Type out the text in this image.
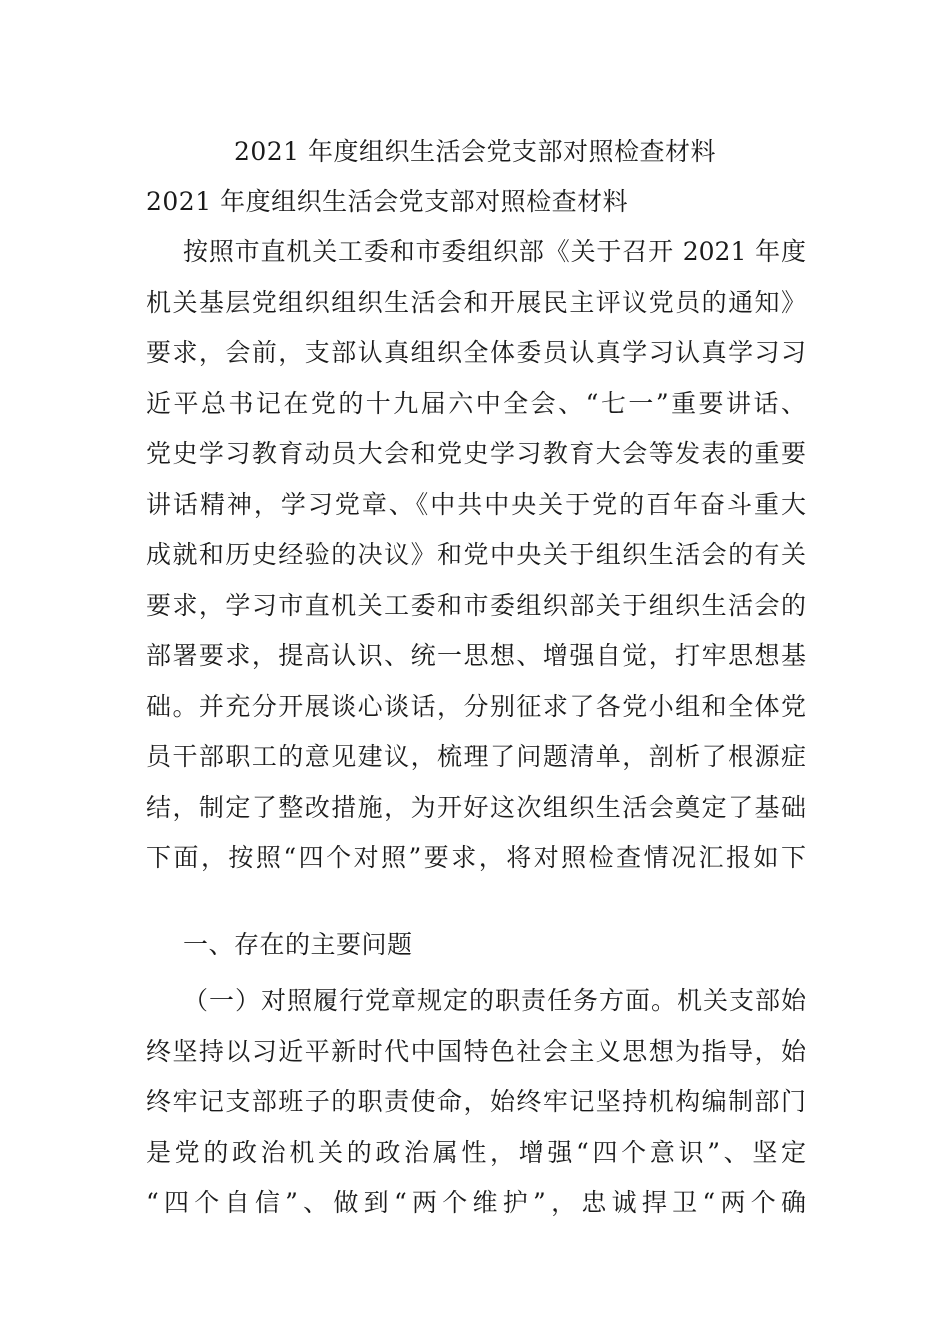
2021 年度组织生活会党支部对照检查材料
2021 年度组织生活会党支部对照检查材料
按照市直机关工委和市委组织部《关于召开 2021 年度
机关基层党组织组织生活会和开展民主评议党员的通知》
要求，会前，支部认真组织全体委员认真学习认真学习习
近平总书记在党的十九届六中全会、“七一”重要讲话、
党史学习教育动员大会和党史学习教育大会等发表的重要
讲话精神，学习党章、《中共中央关于党的百年奋斗重大
成就和历史经验的决议》和党中央关于组织生活会的有关
要求，学习市直机关工委和市委组织部关于组织生活会的
部署要求，提高认识、统一思想、增强自觉，打牢思想基
础。并充分开展谈心谈话，分别征求了各党小组和全体党
员干部职工的意见建议，梳理了问题清单，剖析了根源症
结，制定了整改措施，为开好这次组织生活会奠定了基础
下面，按照“四个对照”要求，将对照检查情况汇报如下
一、存在的主要问题
（一）对照履行党章规定的职责任务方面。机关支部始
终坚持以习近平新时代中国特色社会主义思想为指导，始
终牢记支部班子的职责使命，始终牢记坚持机构编制部门
是党的政治机关的政治属性，增强“四个意识”、坚定
“四个自信”、做到“两个维护”，忠诚捍卫“两个确
